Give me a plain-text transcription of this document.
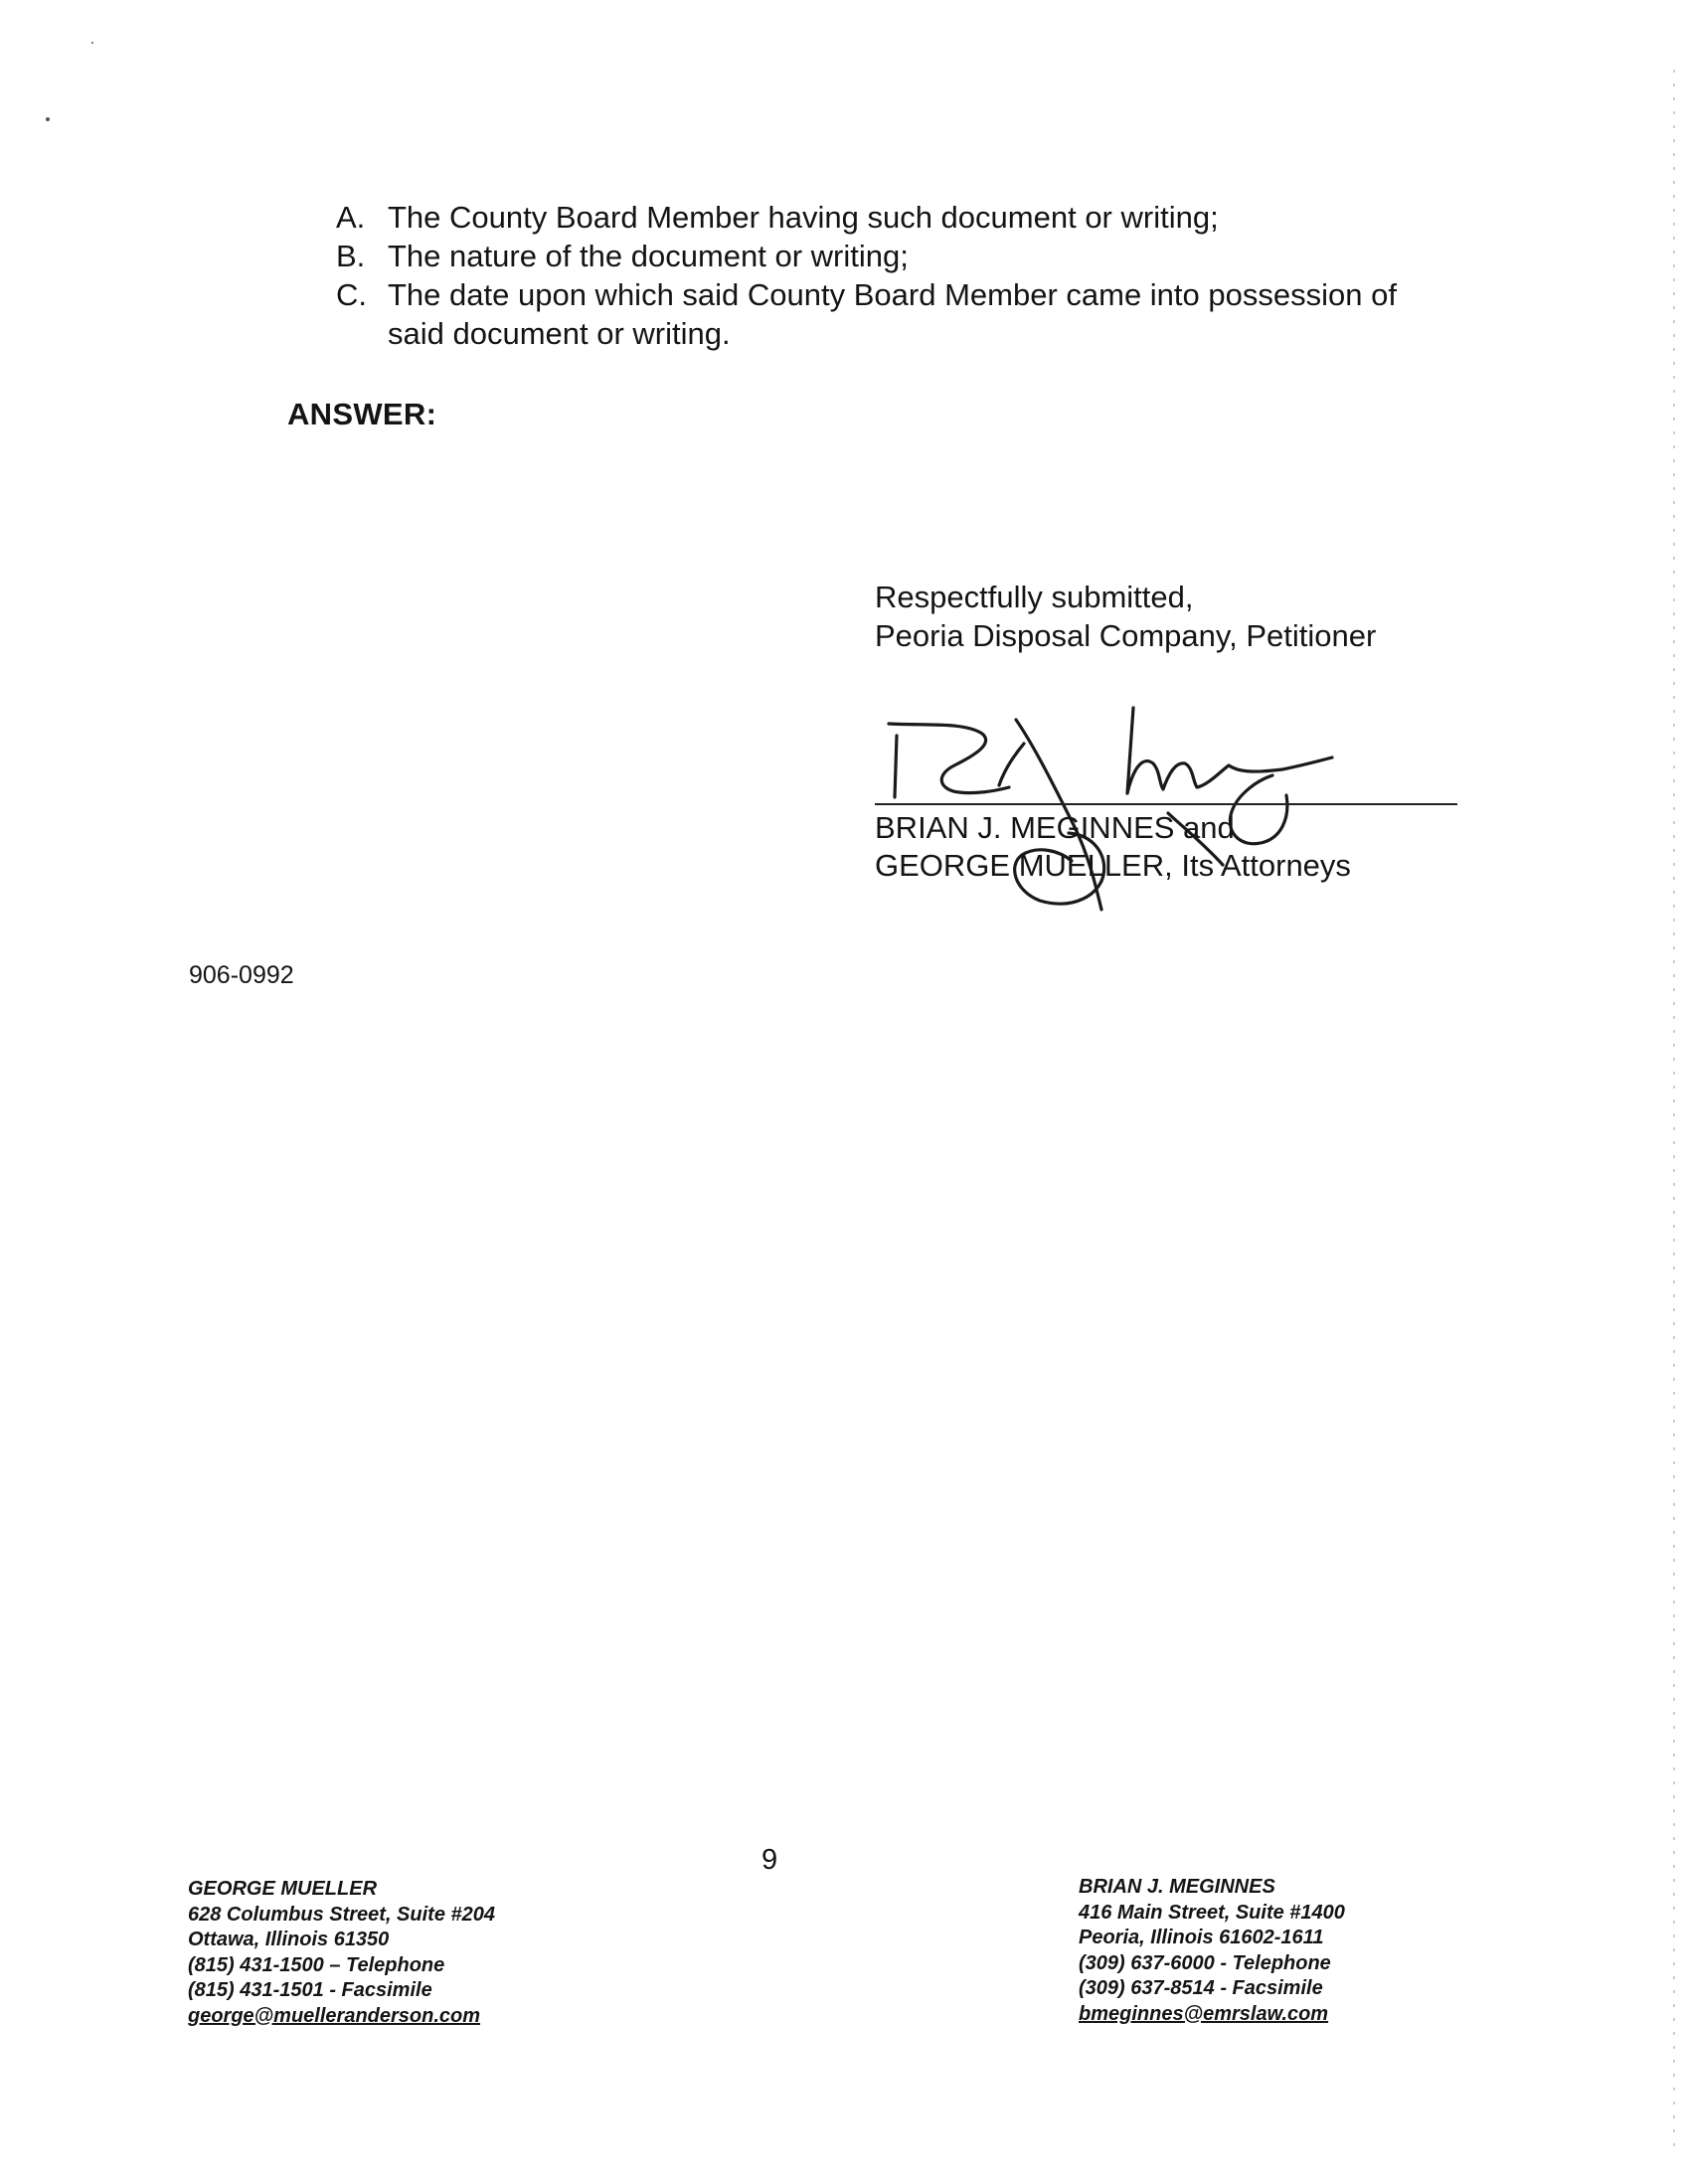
A. The County Board Member having such document or writing;
B. The nature of the document or writing;
C. The date upon which said County Board Member came into possession of
said document or writing.
ANSWER:
Respectfully submitted,
Peoria Disposal Company, Petitioner
BRIAN J. MEGINNES and
GEORGE MUELLER, Its Attorneys
906-0992
9
GEORGE MUELLER
628 Columbus Street, Suite #204
Ottawa, Illinois 61350
(815) 431-1500 – Telephone
(815) 431-1501 - Facsimile
george@muelleranderson.com
BRIAN J. MEGINNES
416 Main Street, Suite #1400
Peoria, Illinois 61602-1611
(309) 637-6000 - Telephone
(309) 637-8514 - Facsimile
bmeginnes@emrslaw.com
